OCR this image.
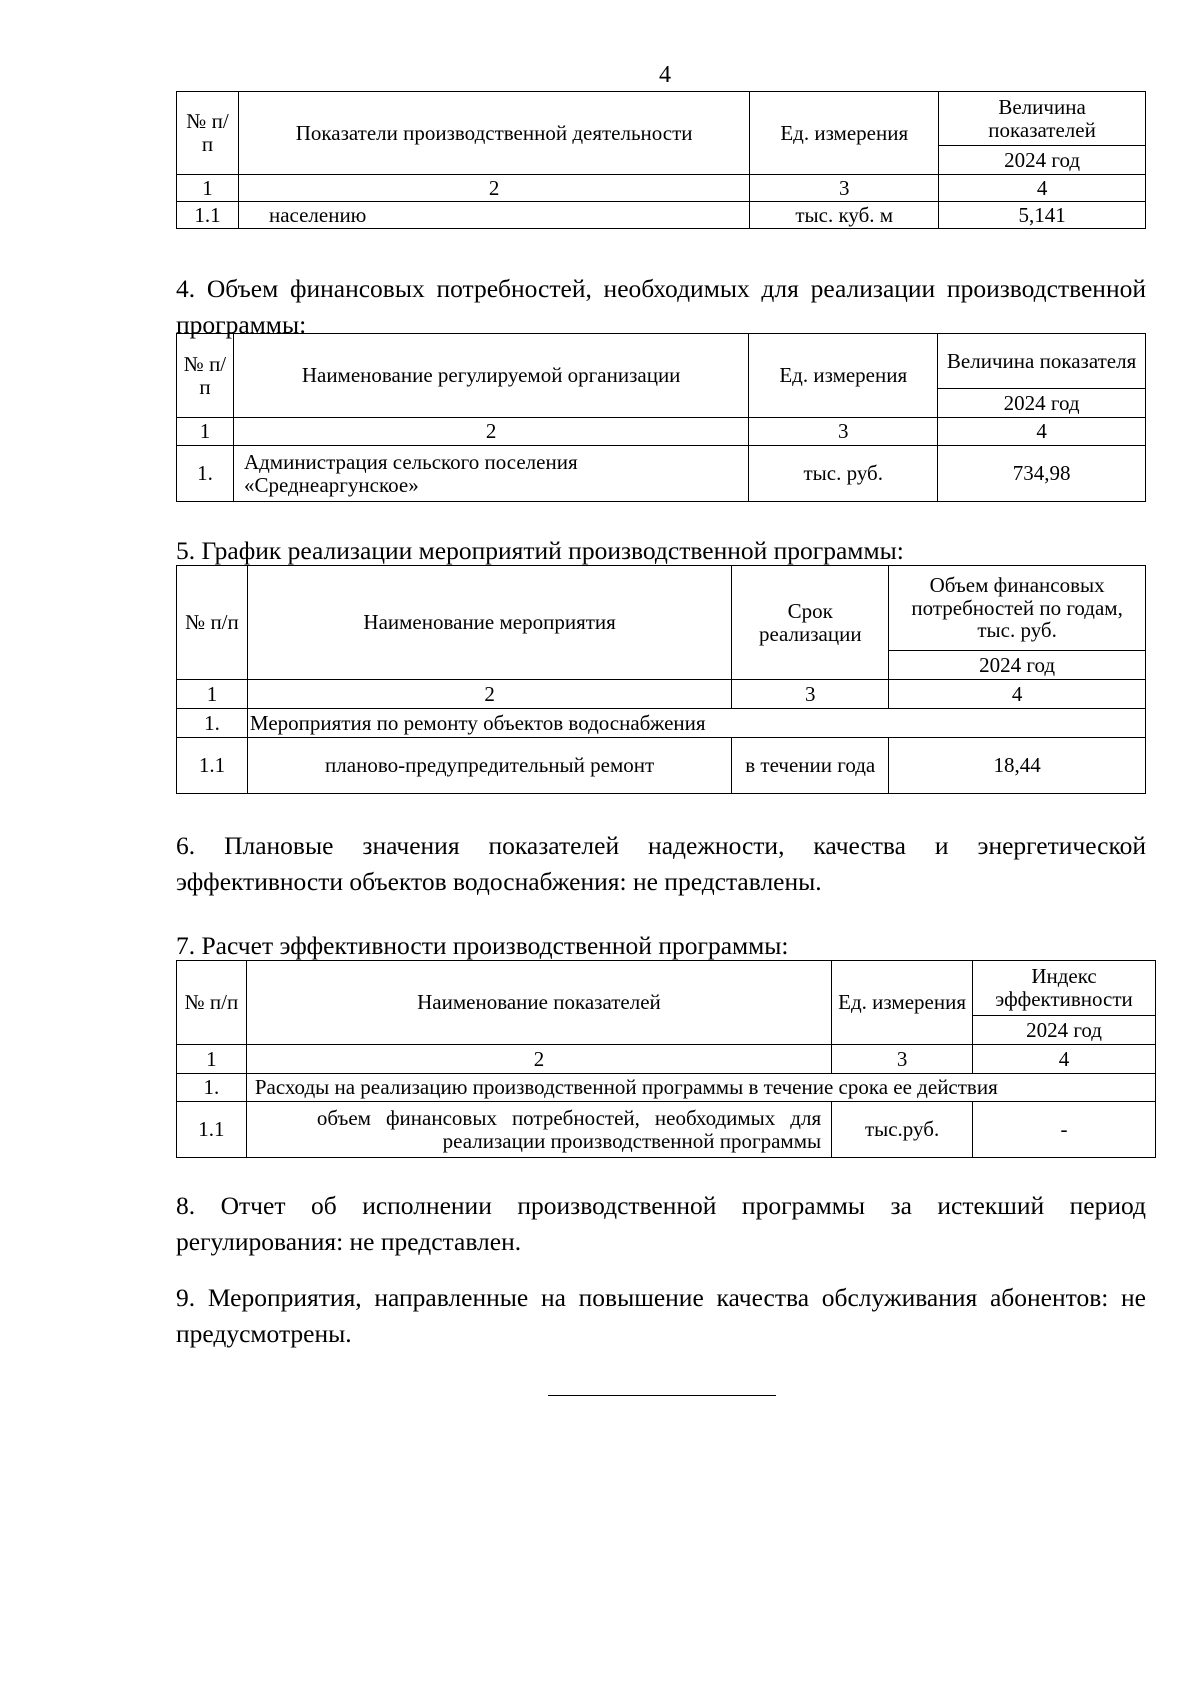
4
№ п/п	Показатели производственной деятельности	Ед. измерения	Величина показателей
			2024 год
1	2	3	4
1.1	населению	тыс. куб. м	5,141
4. Объем финансовых потребностей, необходимых для реализации производственной программы:
№ п/п	Наименование регулируемой организации	Ед. измерения	Величина показателя
			2024 год
1	2	3	4
1.	Администрация сельского поселения «Среднеаргунское»	тыс. руб.	734,98
5. График реализации мероприятий производственной программы:
№ п/п	Наименование мероприятия	Срок реализации	Объем финансовых потребностей по годам, тыс. руб.
			2024 год
1	2	3	4
1.	Мероприятия по ремонту объектов водоснабжения		
1.1	планово-предупредительный ремонт	в течении года	18,44
6. Плановые значения показателей надежности, качества и энергетической эффективности объектов водоснабжения: не представлены.
7. Расчет эффективности производственной программы:
№ п/п	Наименование показателей	Ед. измерения	Индекс эффективности
			2024 год
1	2	3	4
1.	Расходы на реализацию производственной программы в течение срока ее действия		
1.1	объем финансовых потребностей, необходимых для реализации производственной программы	тыс.руб.	-
8. Отчет об исполнении производственной программы за истекший период регулирования: не представлен.
9. Мероприятия, направленные на повышение качества обслуживания абонентов: не предусмотрены.
